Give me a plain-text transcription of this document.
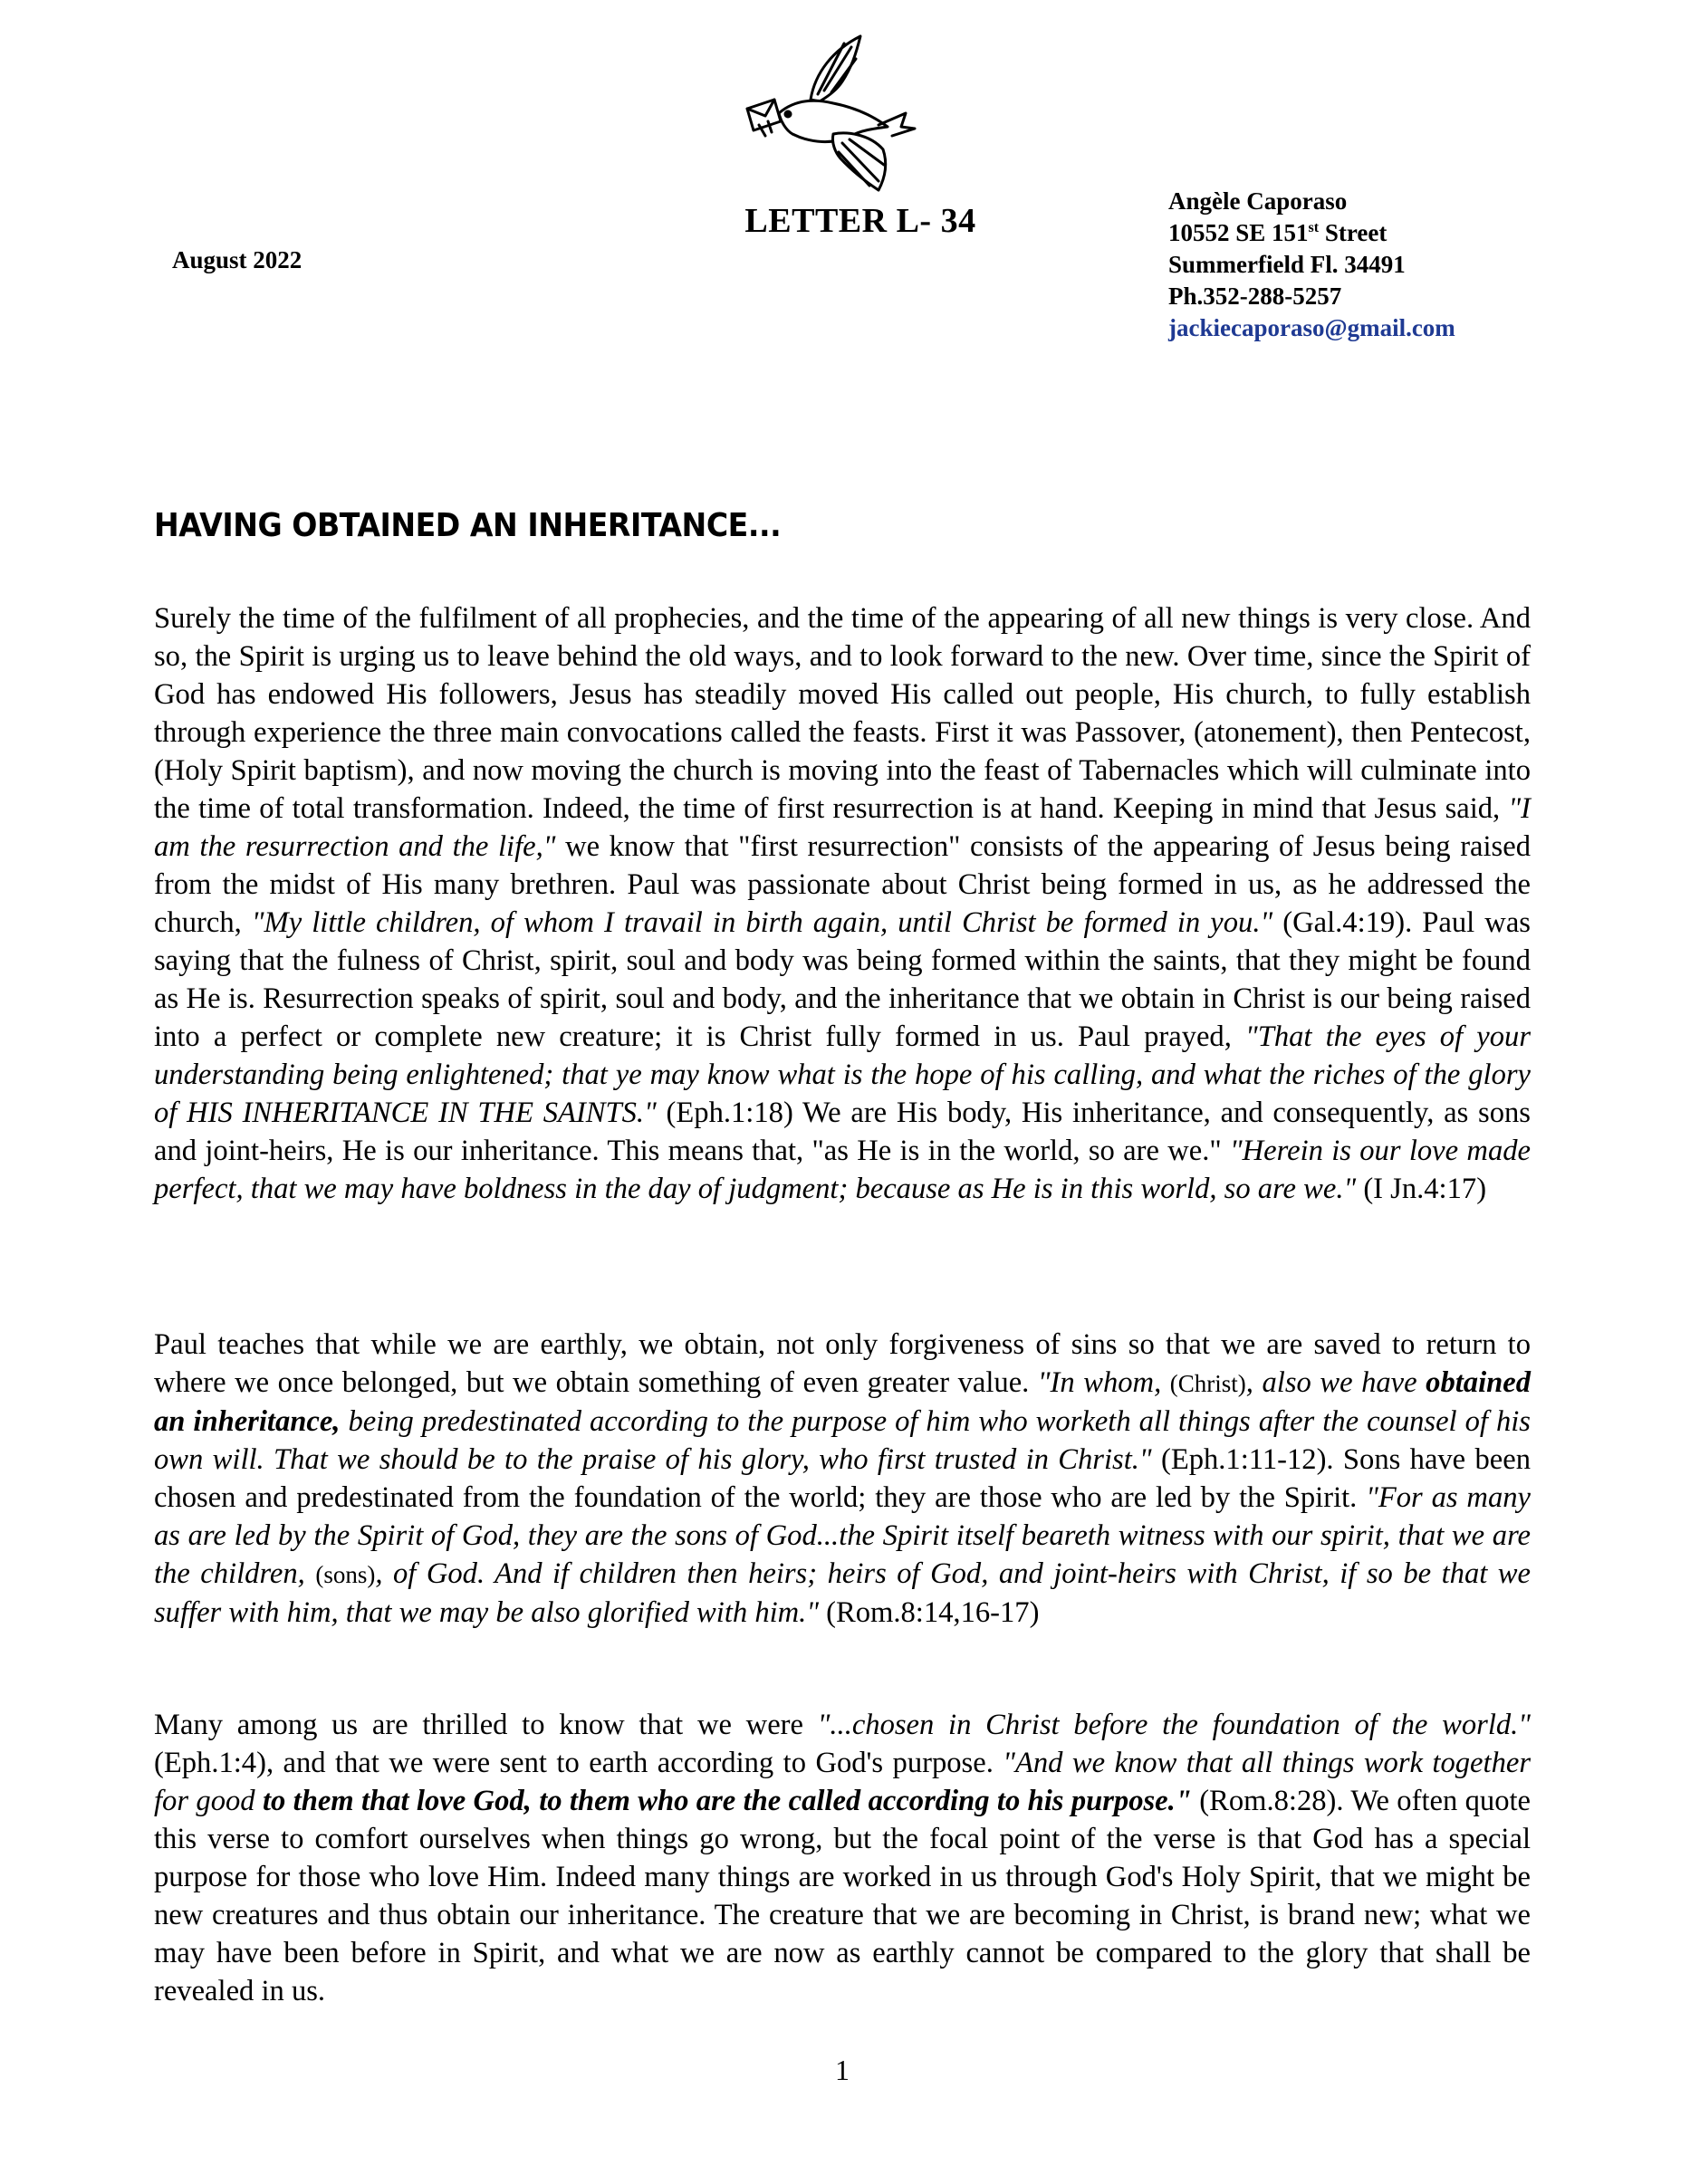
LETTER L- 34
August 2022
Angèle Caporaso
10552 SE 151st Street
Summerfield Fl. 34491
Ph.352-288-5257
jackiecaporaso@gmail.com
HAVING OBTAINED AN INHERITANCE...

Surely the time of the fulfilment of all prophecies, and the time of the appearing of all new things is very close. And so, the Spirit is urging us to leave behind the old ways, and to look forward to the new. Over time, since the Spirit of God has endowed His followers, Jesus has steadily moved His called out people, His church, to fully establish through experience the three main convocations called the feasts. First it was Passover, (atonement), then Pentecost, (Holy Spirit baptism), and now moving the church is moving into the feast of Tabernacles which will culminate into the time of total transformation. Indeed, the time of first resurrection is at hand. Keeping in mind that Jesus said, "I am the resurrection and the life," we know that "first resurrection" consists of the appearing of Jesus being raised from the midst of His many brethren. Paul was passionate about Christ being formed in us, as he addressed the church, "My little children, of whom I travail in birth again, until Christ be formed in you." (Gal.4:19). Paul was saying that the fulness of Christ, spirit, soul and body was being formed within the saints, that they might be found as He is. Resurrection speaks of spirit, soul and body, and the inheritance that we obtain in Christ is our being raised into a perfect or complete new creature; it is Christ fully formed in us. Paul prayed, "That the eyes of your understanding being enlightened; that ye may know what is the hope of his calling, and what the riches of the glory of HIS INHERITANCE IN THE SAINTS." (Eph.1:18) We are His body, His inheritance, and consequently, as sons and joint-heirs, He is our inheritance. This means that, "as He is in the world, so are we." "Herein is our love made perfect, that we may have boldness in the day of judgment; because as He is in this world, so are we." (I Jn.4:17)

Paul teaches that while we are earthly, we obtain, not only forgiveness of sins so that we are saved to return to where we once belonged, but we obtain something of even greater value. "In whom, (Christ), also we have obtained an inheritance, being predestinated according to the purpose of him who worketh all things after the counsel of his own will. That we should be to the praise of his glory, who first trusted in Christ." (Eph.1:11-12). Sons have been chosen and predestinated from the foundation of the world; they are those who are led by the Spirit. "For as many as are led by the Spirit of God, they are the sons of God...the Spirit itself beareth witness with our spirit, that we are the children, (sons), of God. And if children then heirs; heirs of God, and joint-heirs with Christ, if so be that we suffer with him, that we may be also glorified with him." (Rom.8:14,16-17)

Many among us are thrilled to know that we were "...chosen in Christ before the foundation of the world." (Eph.1:4), and that we were sent to earth according to God's purpose. "And we know that all things work together for good to them that love God, to them who are the called according to his purpose." (Rom.8:28). We often quote this verse to comfort ourselves when things go wrong, but the focal point of the verse is that God has a special purpose for those who love Him. Indeed many things are worked in us through God's Holy Spirit, that we might be new creatures and thus obtain our inheritance. The creature that we are becoming in Christ, is brand new; what we may have been before in Spirit, and what we are now as earthly cannot be compared to the glory that shall be revealed in us.

1
